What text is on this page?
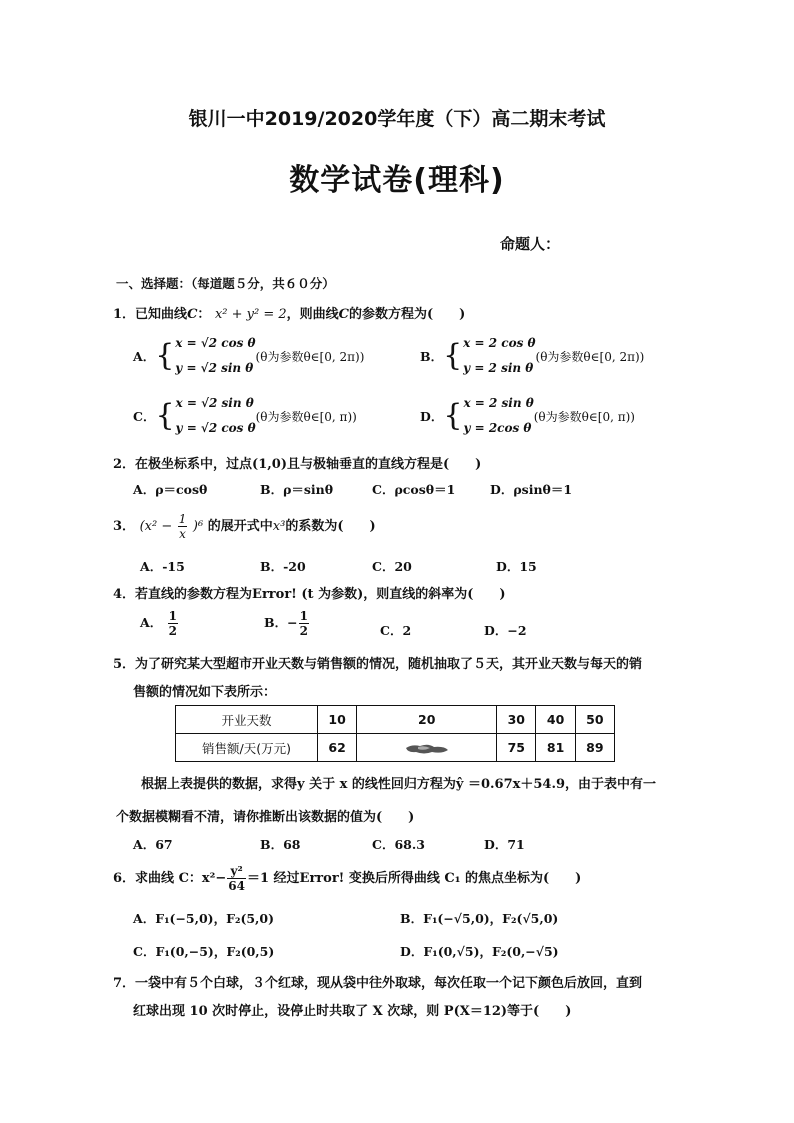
银川一中2019/2020学年度（下）高二期末考试
数学试卷(理科)
命题人：
一、选择题：（每道题５分，共６０分）
1．已知曲线C： x² + y² = 2，则曲线C的参数方程为(　　)
A． { x = √2 cos θ
y = √2 sin θ
(θ为参数θ∈[0, 2π))	B． { x = 2 cos θ
y = 2 sin θ
(θ为参数θ∈[0, 2π))
C． { x = √2 sin θ
y = √2 cos θ
(θ为参数θ∈[0, π))	D． { x = 2 sin θ
y = 2cos θ
(θ为参数θ∈[0, π))
2．在极坐标系中，过点(1,0)且与极轴垂直的直线方程是(　　)
A．ρ＝cosθ	B．ρ＝sinθ	C．ρcosθ＝1	D．ρsinθ＝1
3． $(x^2 - \frac{1}{x} )^6$ 的展开式中x³的系数为(　　)
A．-15	B．-20	C．20	D．15
4．若直线的参数方程为Error! (t 为参数)，则直线的斜率为(　　)
A． $\frac{1}{2}$	B．− $\frac{1}{2}$	C．2	D．−2
5．为了研究某大型超市开业天数与销售额的情况，随机抽取了５天，其开业天数与每天的销
售额的情况如下表所示：
开业天数	10	20	30	40	50
销售额/天(万元)	62		75	81	89
根据上表提供的数据，求得y 关于 x 的线性回归方程为ŷ ＝0.67x＋54.9，由于表中有一
个数据模糊看不清，请你推断出该数据的值为(　　)
A．67	B．68	C．68.3	D．71
6．求曲线 C：$x^2- \frac{\text{y²}}{64} =1$ 经过Error! 变换后所得曲线 C₁ 的焦点坐标为(　　)
A．F₁(−5,0)，F₂(5,0)	B．F₁(−√5,0)，F₂(√5,0)
C．F₁(0,−5)，F₂(0,5)	D．F₁(0,√5)，F₂(0,−√5)
7．一袋中有５个白球，３个红球，现从袋中往外取球，每次任取一个记下颜色后放回，直到
红球出现 10 次时停止，设停止时共取了 X 次球，则 P(X＝12)等于(　　)
